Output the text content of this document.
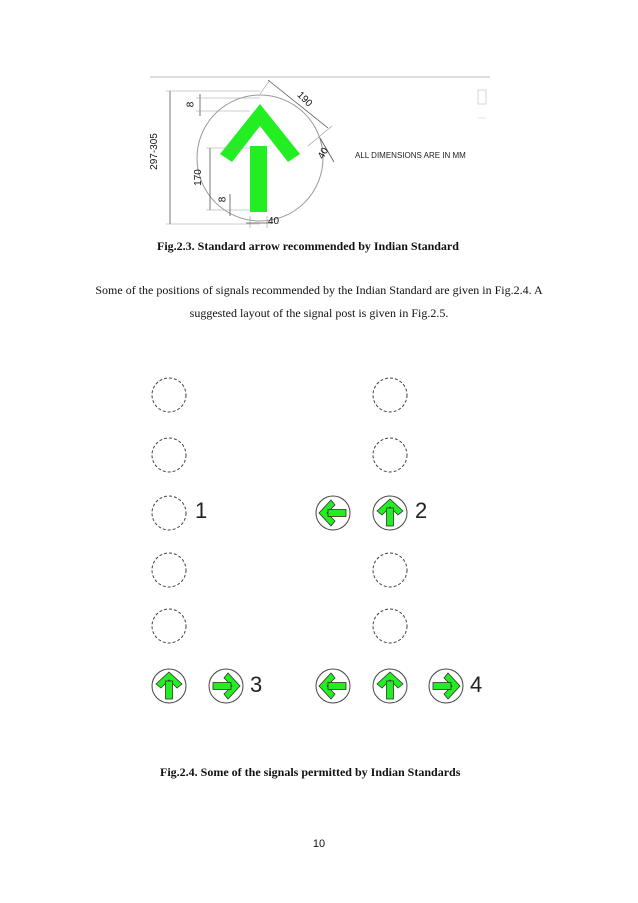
190
8
297-305
170
8
40
40
ALL DIMENSIONS ARE IN MM
Fig.2.3. Standard arrow recommended by Indian Standard
Some of the positions of signals recommended by the Indian Standard are given in Fig.2.4. A
suggested layout of the signal post is given in Fig.2.5.
1	2
3	4
Fig.2.4. Some of the signals permitted by Indian Standards
10
